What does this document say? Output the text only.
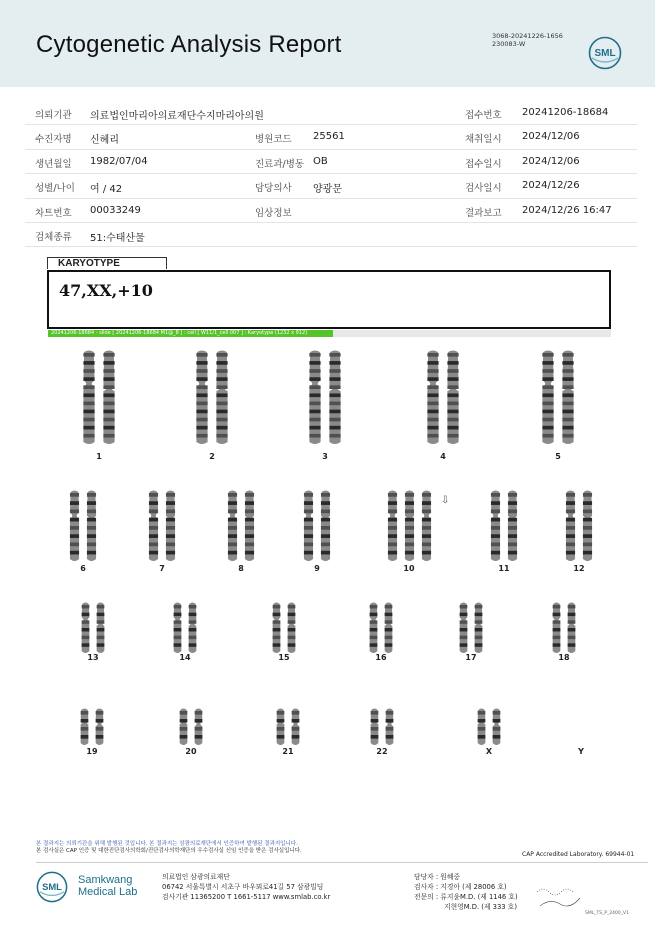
Cytogenetic Analysis Report	3068-20241226-1656
230083-W
SML
의뢰기관 의료법인마리아의료재단수지마리아의원	접수번호 20241206-18684
수진자명 신혜리	병원코드 25561	채취일시 2024/12/06
생년월일 1982/07/04	진료과/병동 OB	접수일시 2024/12/06
성별/나이 여 / 42	담당의사 양광문	검사일시 2024/12/26
차트번호 00033249	임상정보	결과보고 2024/12/26 16:47
검체종류 51:수태산물
KARYOTYPE
47,XX,+10
20241206-18684 - slide [ 20241206-18684 M1@_8 ] : cell [ W11/1_cell 007 ] : Karyotype (1232 x 912)
1	2	3	4	5
6	7	8	9	10	11	12
13	14	15	16	17	18
19	20	21	22	X	Y
⇩
본 결과지는 의뢰기관을 위해 발행된 것입니다. 본 결과지는 삼광의료재단에서 인증하여 발행된 결과지입니다.
본 검사실은 CAP 인증 및 대한진단검사의학회/진단검사의학재단의 우수검사실 신임 인증을 받은 검사실입니다.	CAP Accredited Laboratory. 69944-01
SML
Samkwang
Medical Lab
의료법인 삼광의료재단
06742 서울특별시 서초구 바우뫼로41길 57 삼광빌딩
검사기관 11365200 T 1661-5117 www.smlab.co.kr
담당자 : 원혜중
검사자 : 지경아 (제 28006 호)
전문의 : 류지윤M.D. (제 1146 호)
지현영M.D. (제 333 호)
SML_TS_P_2400_V1
